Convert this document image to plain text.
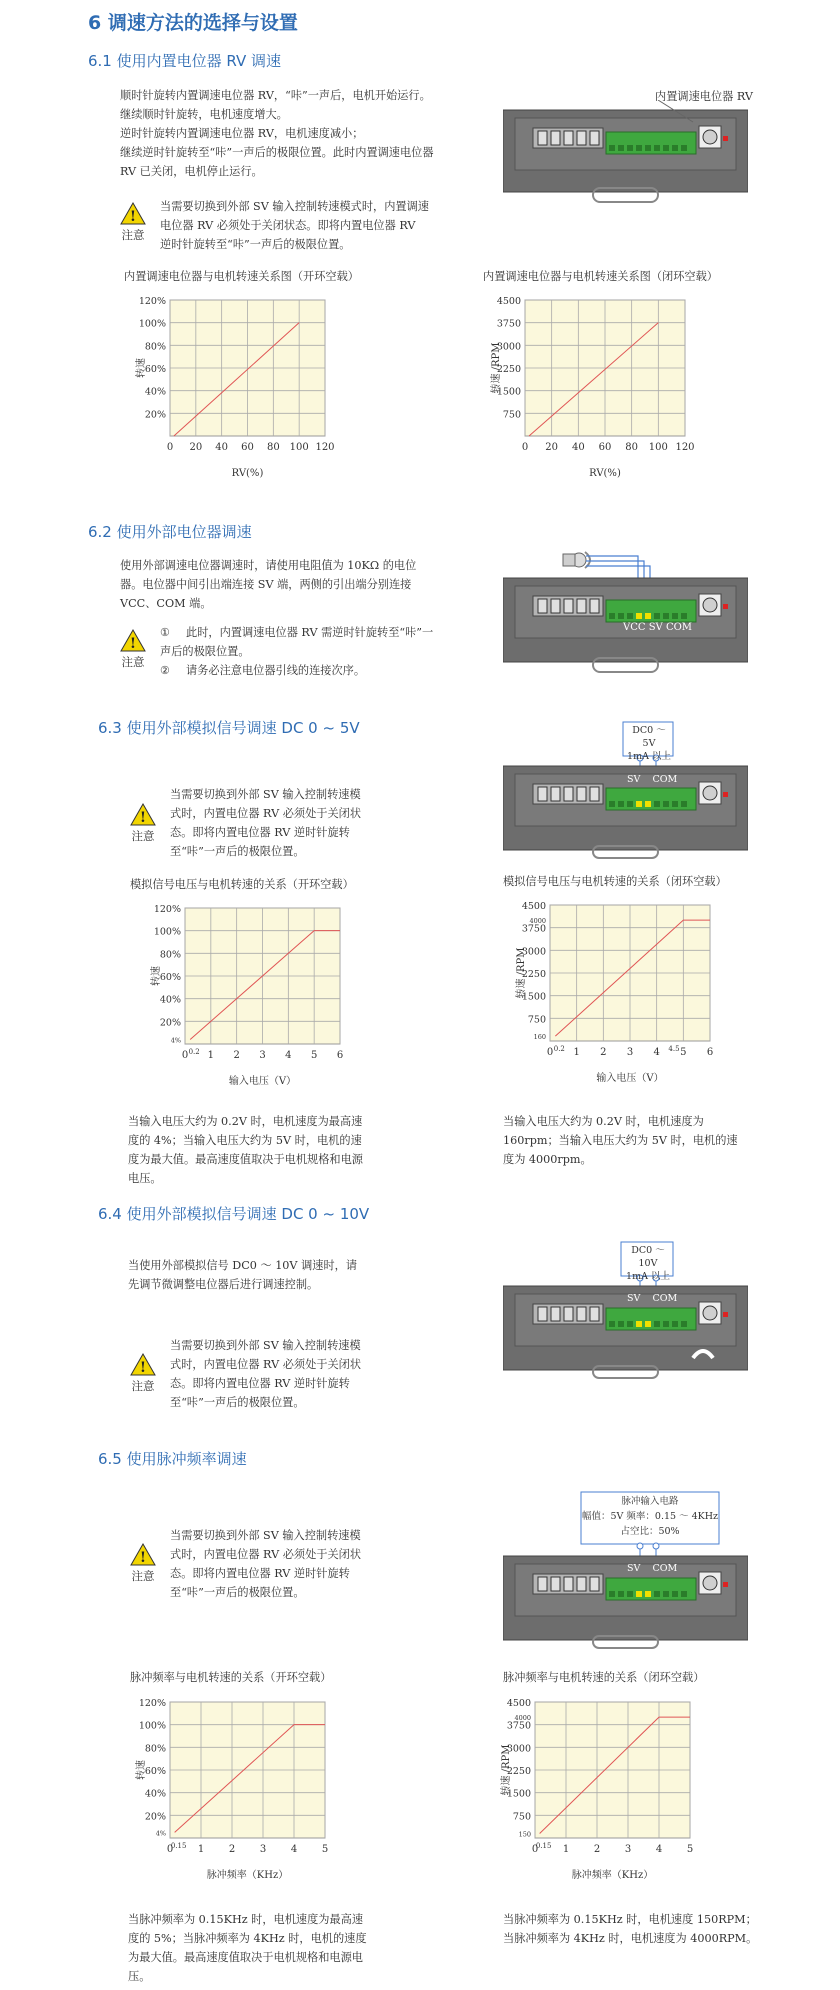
6 调速方法的选择与设置
6.1 使用内置电位器 RV 调速
顺时针旋转内置调速电位器 RV，“咔”一声后，电机开始运行。继续顺时针旋转，电机速度增大。
逆时针旋转内置调速电位器 RV，电机速度减小；
继续逆时针旋转至“咔”一声后的极限位置。此时内置调速电位器 RV 已关闭，电机停止运行。
内置调速电位器 RV
!
注意
当需要切换到外部 SV 输入控制转速模式时，内置调速电位器 RV 必须处于关闭状态。即将内置电位器 RV 逆时针旋转至“咔”一声后的极限位置。
内置调速电位器与电机转速关系图（开环空载）	内置调速电位器与电机转速关系图（闭环空载）
0 20 40 60 80 100 120
20%
40%
60%
80%
100%
120%
RV(%)
转速
0 20 40 60 80 100 120
750
1500
2250
3000
3750
4500
RV(%)
转速 /RPM
6.2 使用外部电位器调速
使用外部调速电位器调速时，请使用电阻值为 10KΩ 的电位器。电位器中间引出端连接 SV 端，两侧的引出端分别连接 VCC、COM 端。
!
注意
① 此时，内置调速电位器 RV 需逆时针旋转至“咔”一声后的极限位置。
② 请务必注意电位器引线的连接次序。
6.3 使用外部模拟信号调速 DC 0 ~ 5V
!
注意
当需要切换到外部 SV 输入控制转速模式时，内置电位器 RV 必须处于关闭状态。即将内置电位器 RV 逆时针旋转至“咔”一声后的极限位置。
模拟信号电压与电机转速的关系（开环空载）	模拟信号电压与电机转速的关系（闭环空载）
0 1 2 3 4 5 6
20%
40%
60%
80%
100%
120%
0.2
4%
输入电压（V）
转速
0 1 2 3 4 5 6
750
1500
2250
3000
3750
4500
0.2	4.5
160
4000
输入电压（V）
转速 /RPM
当输入电压大约为 0.2V 时，电机速度为最高速度的 4%；当输入电压大约为 5V 时，电机的速度为最大值。最高速度值取决于电机规格和电源电压。
当输入电压大约为 0.2V 时，电机速度为 160rpm；当输入电压大约为 5V 时，电机的速度为 4000rpm。
6.4 使用外部模拟信号调速 DC 0 ~ 10V
当使用外部模拟信号 DC0 ～ 10V 调速时，请先调节微调整电位器后进行调速控制。
!
注意
当需要切换到外部 SV 输入控制转速模式时，内置电位器 RV 必须处于关闭状态。即将内置电位器 RV 逆时针旋转至“咔”一声后的极限位置。
6.5 使用脉冲频率调速
!
注意
当需要切换到外部 SV 输入控制转速模式时，内置电位器 RV 必须处于关闭状态。即将内置电位器 RV 逆时针旋转至“咔”一声后的极限位置。
脉冲频率与电机转速的关系（开环空载）	脉冲频率与电机转速的关系（闭环空载）
0 1 2 3 4 5
20%
40%
60%
80%
100%
120%
0.15
4%
脉冲频率（KHz）
转速
0 1 2 3 4 5
750
1500
2250
3000
3750
4500
0.15
150
4000
脉冲频率（KHz）
转速 /RPM
当脉冲频率为 0.15KHz 时，电机速度为最高速度的 5%；当脉冲频率为 4KHz 时，电机的速度为最大值。最高速度值取决于电机规格和电源电压。
当脉冲频率为 0.15KHz 时，电机速度 150RPM；当脉冲频率为 4KHz 时，电机速度为 4000RPM。
VCC SV COM
DC0 ～ 5V
1mA 以上
SV    COM
DC0 ～ 10V
1mA 以上
SV    COM
脉冲输入电路
幅值：5V 频率：0.15 ～ 4KHz
占空比：50%
SV    COM
